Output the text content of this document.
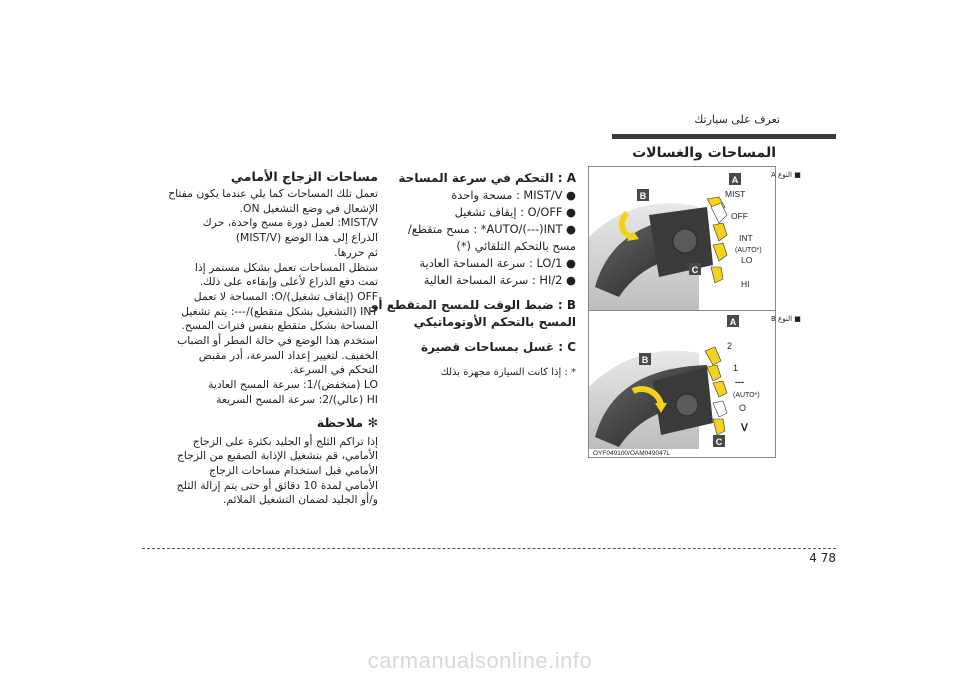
تعرف على سيارتك
المساحات والغسالات
A : التحكم في سرعة المساحة
● MIST/ᐯ : مسحة واحدة
● O/OFF : إيقاف تشغيل
● AUTO/(---)INT* : مسح متقطع/
مسح بالتحكم التلقائي (*)
● LO/1 : سرعة المساحة العادية
● HI/2 : سرعة المساحة العالية
B : ضبط الوقت للمسح المتقطع أو
المسح بالتحكم الأوتوماتيكي
C : غسل بمساحات قصيرة
* : إذا كانت السيارة مجهزة بذلك
مساحات الزجاج الأمامي
تعمل تلك المساحات كما يلي عندما يكون مفتاح
الإشعال في وضع التشغيل ON.
MIST/ᐯ: لعمل دورة مسح واحدة، حرك
الذراع إلى هذا الوضع (MIST/ᐯ)
ثم حررها.
ستظل المساحات تعمل بشكل مستمر إذا
تمت دفع الذراع لأعلى وإبقاءه على ذلك.
OFF (إيقاف تشغيل)/O: المساحة لا تعمل
INT (التشغيل بشكل متقطع)/---: يتم تشغيل
المساحة بشكل متقطع بنفس فترات المسح.
استخدم هذا الوضع في حالة المطر أو الضباب
الخفيف. لتغيير إعداد السرعة، أدر مقبض
التحكم في السرعة.
LO (منخفض)/1: سرعة المسح العادية
HI (عالي)/2: سرعة المسح السريعة
✻ ملاحظة
إذا تراكم الثلج أو الجليد بكثرة على الزجاج
الأمامي، قم بتشغيل الإذابة الصقيع من الزجاج
الأمامي قبل استخدام مساحات الزجاج
الأمامي لمدة 10 دقائق أو حتى يتم إزالة الثلج
و/أو الجليد لضمان التشغيل الملائم.
MIST
OFF
INT
(AUTO*)
LO
HI
A
B
C
■ النوع A
■ النوع B
2
1
---
(AUTO*)
O
ᐯ
A
B
C
OYF049100/OAM049047L
4 78
carmanualsonline.info
